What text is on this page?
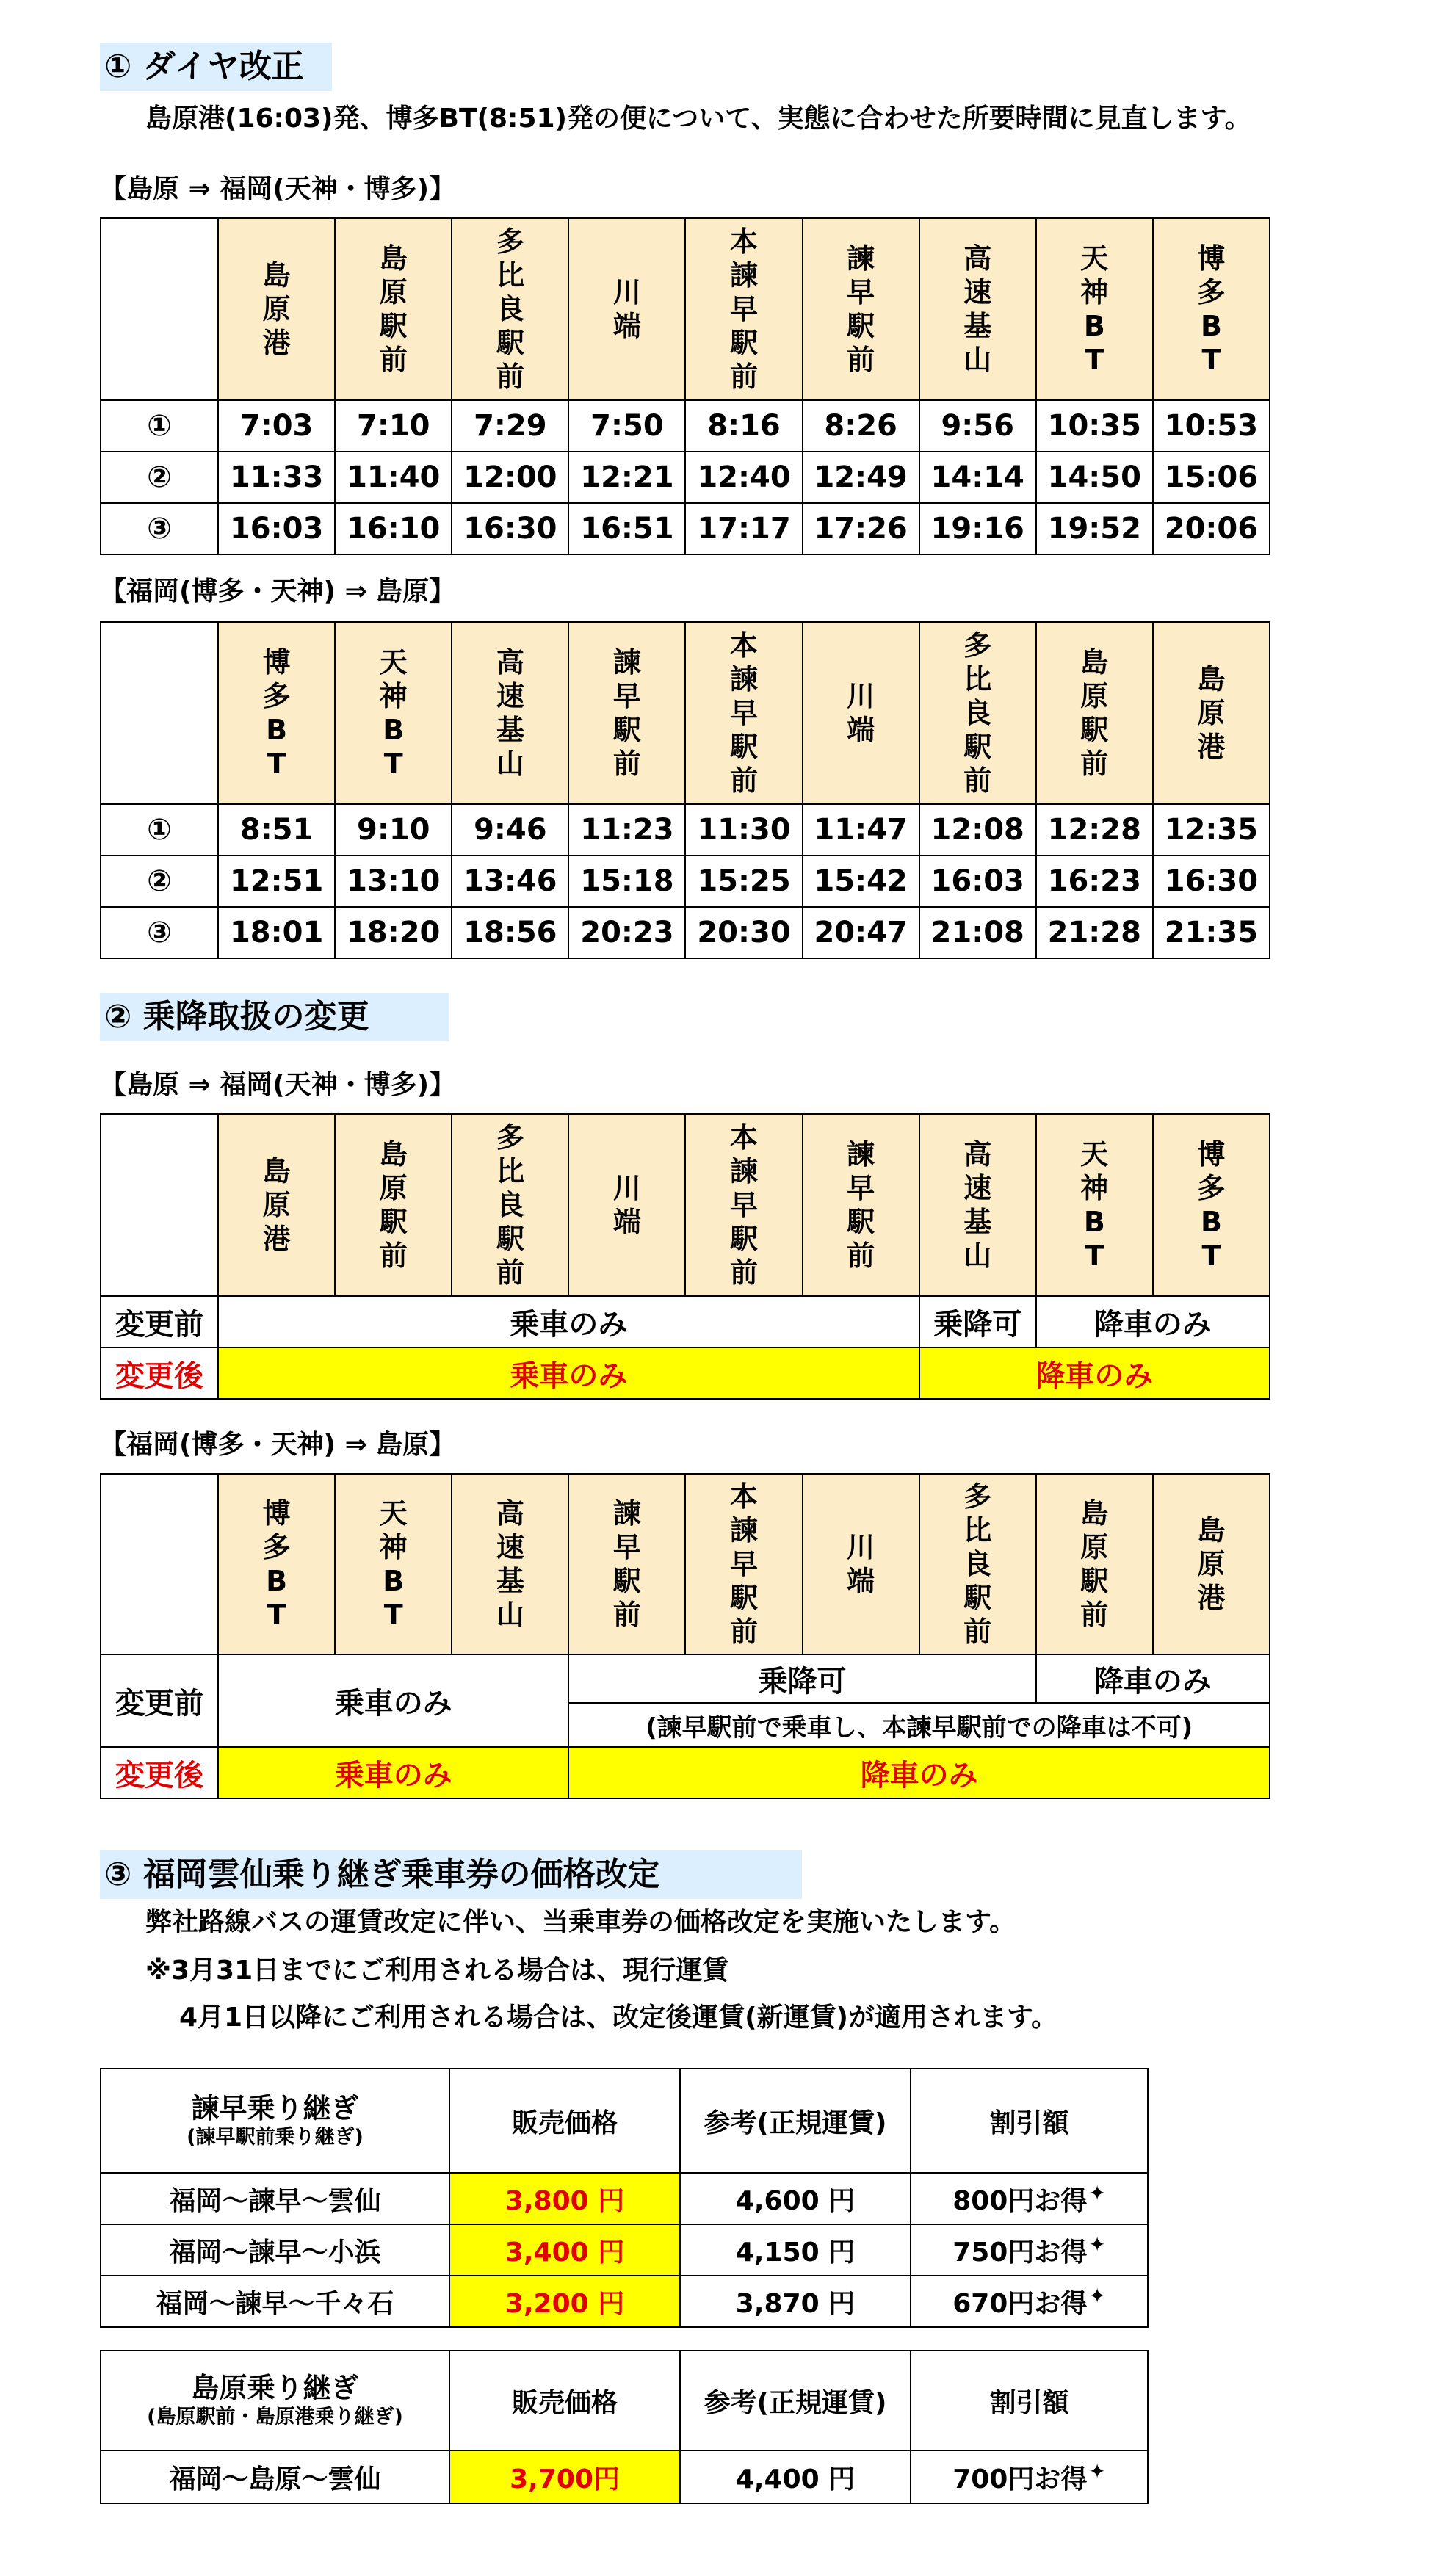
① ダイヤ改正
島原港(16:03)発、博多BT(8:51)発の便について、実態に合わせた所要時間に見直します。
【島原 ⇒ 福岡(天神・博多)】
	島原港	島原駅前	多比良駅前	川端	本諫早駅前	諫早駅前	高速基山	天神BT	博多BT
①	7:03	7:10	7:29	7:50	8:16	8:26	9:56	10:35	10:53
②	11:33	11:40	12:00	12:21	12:40	12:49	14:14	14:50	15:06
③	16:03	16:10	16:30	16:51	17:17	17:26	19:16	19:52	20:06
【福岡(博多・天神) ⇒ 島原】
	博多BT	天神BT	高速基山	諫早駅前	本諫早駅前	川端	多比良駅前	島原駅前	島原港
①	8:51	9:10	9:46	11:23	11:30	11:47	12:08	12:28	12:35
②	12:51	13:10	13:46	15:18	15:25	15:42	16:03	16:23	16:30
③	18:01	18:20	18:56	20:23	20:30	20:47	21:08	21:28	21:35
② 乗降取扱の変更
【島原 ⇒ 福岡(天神・博多)】
	島原港	島原駅前	多比良駅前	川端	本諫早駅前	諫早駅前	高速基山	天神BT	博多BT
変更前	乗車のみ						乗降可	降車のみ	
変更後	乗車のみ						降車のみ		
【福岡(博多・天神) ⇒ 島原】
	博多BT	天神BT	高速基山	諫早駅前	本諫早駅前	川端	多比良駅前	島原駅前	島原港
変更前	乗車のみ			乗降可				降車のみ	
				(諫早駅前で乗車し、本諫早駅前での降車は不可)					
変更後	乗車のみ			降車のみ					
③ 福岡雲仙乗り継ぎ乗車券の価格改定
弊社路線バスの運賃改定に伴い、当乗車券の価格改定を実施いたします。
※3月31日までにご利用される場合は、現行運賃
4月1日以降にご利用される場合は、改定後運賃(新運賃)が適用されます。
諫早乗り継ぎ
(諫早駅前乗り継ぎ)	販売価格	参考(正規運賃)	割引額
福岡～諫早～雲仙	3,800 円	4,600 円	800円お得✦
福岡～諫早～小浜	3,400 円	4,150 円	750円お得✦
福岡～諫早～千々石	3,200 円	3,870 円	670円お得✦
島原乗り継ぎ
(島原駅前・島原港乗り継ぎ)	販売価格	参考(正規運賃)	割引額
福岡～島原～雲仙	3,700円	4,400 円	700円お得✦
